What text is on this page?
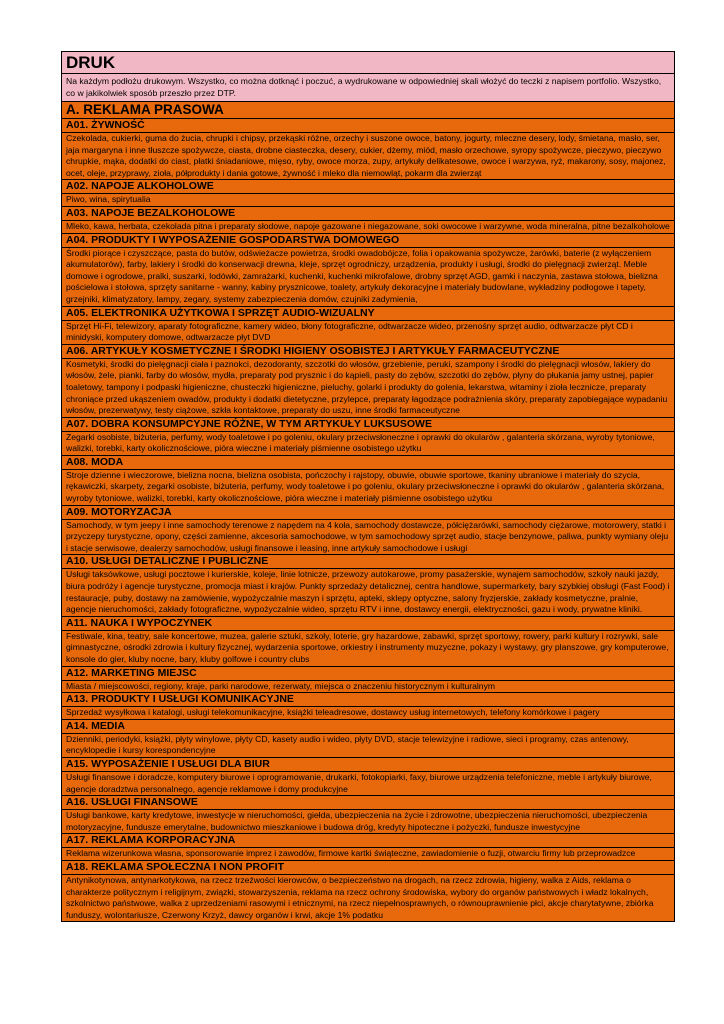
DRUK
Na każdym podłożu drukowym. Wszystko, co można dotknąć i poczuć, a wydrukowane w odpowiedniej skali włożyć do teczki z napisem portfolio. Wszystko, co w jakikolwiek sposób przeszło przez DTP.
A. REKLAMA PRASOWA
A01. ŻYWNOŚĆ
Czekolada, cukierki, guma do żucia, chrupki i chipsy, przekąski różne, orzechy i suszone owoce, batony, jogurty, mleczne desery, lody, śmietana, masło, ser, jaja margaryna i inne tłuszcze spożywcze, ciasta, drobne ciasteczka, desery, cukier, dżemy, miód, masło orzechowe, syropy spożywcze, pieczywo, pieczywo chrupkie, mąka, dodatki do ciast, płatki śniadaniowe, mięso, ryby, owoce morza, zupy, artykuły delikatesowe, owoce i warzywa, ryż, makarony, sosy, majonez, ocet, oleje, przyprawy, zioła, półprodukty i dania gotowe, żywność i mleko dla niemowląt, pokarm dla zwierząt
A02. NAPOJE ALKOHOLOWE
Piwo, wina, spirytualia
A03. NAPOJE BEZALKOHOLOWE
Mleko, kawa, herbata, czekolada pitna i preparaty słodowe, napoje gazowane i niegazowane, soki owocowe i warzywne, woda mineralna, pitne bezalkoholowe
A04. PRODUKTY I WYPOSAŻENIE GOSPODARSTWA DOMOWEGO
Środki piorące i czyszczące, pasta do butów, odświeżacze powietrza, środki owadobójcze, folia i opakowania spożywcze, żarówki, baterie (z wyłączeniem akumulatorów), farby, lakiery i środki do konserwacji drewna, kleje, sprzęt ogrodniczy, urządzenia, produkty i usługi, środki do pielęgnacji zwierząt. Meble domowe i ogrodowe, pralki, suszarki, lodówki, zamrażarki, kuchenki, kuchenki mikrofalowe, drobny sprzęt AGD, gamki i naczynia, zastawa stołowa, bielizna pościelowa i stołowa, sprzęty sanitarne - wanny, kabiny prysznicowe, toalety, artykuły dekoracyjne i materiały budowlane, wykładziny podłogowe i tapety, grzejniki, klimatyzatory, lampy, zegary, systemy zabezpieczenia domów, czujniki zadymienia,
A05. ELEKTRONIKA UŻYTKOWA I SPRZĘT AUDIO-WIZUALNY
Sprzęt Hi-Fi, telewizory, aparaty fotograficzne, kamery wideo, błony fotograficzne, odtwarzacze wideo, przenośny sprzęt audio, odtwarzacze płyt CD i minidyski, komputery domowe, odtwarzacze płyt DVD
A06. ARTYKUŁY KOSMETYCZNE I ŚRODKI HIGIENY OSOBISTEJ I ARTYKUŁY FARMACEUTYCZNE
Kosmetyki, środki do pielęgnacji ciała i paznokci, dezodoranty, szczotki do włosów, grzebienie, peruki, szampony i środki do pielęgnacji włosów, lakiery do włosów, żele, pianki, farby do włosów, mydła, preparaty pod prysznic i do kąpieli, pasty do zębów, szczotki do zębów, płyny do płukania jamy ustnej, papier toaletowy, tampony i podpaski higieniczne, chusteczki higieniczne, pieluchy, golarki i produkty do golenia, lekarstwa, witaminy i zioła lecznicze, preparaty chroniące przed ukąszeniem owadów, produkty i dodatki dietetyczne, przylepce, preparaty łagodzące podrażnienia skóry, preparaty zapobiegające wypadaniu włosów, prezerwatywy, testy ciążowe, szkła kontaktowe, preparaty do uszu, inne środki farmaceutyczne
A07. DOBRA KONSUMPCYJNE RÓŻNE, W TYM ARTYKUŁY LUKSUSOWE
Zegarki osobiste, biżuteria, perfumy, wody toaletowe i po goleniu, okulary przeciwsłoneczne i oprawki do okularów , galanteria skórzana, wyroby tytoniowe, walizki, torebki, karty okolicznościowe, pióra wieczne i materiały piśmienne osobistego użytku
A08. MODA
Stroje dzienne i wieczorowe, bielizna nocna, bielizna osobista, pończochy i rajstopy, obuwie, obuwie sportowe, tkaniny ubraniowe i materiały do szycia, rękawiczki, skarpety, zegarki osobiste, biżuteria, perfumy, wody toaletowe i po goleniu, okulary przeciwsłoneczne i oprawki do okularów , galanteria skórzana, wyroby tytoniowe, walizki, torebki, karty okolicznościowe, pióra wieczne i materiały piśmienne osobistego użytku
A09. MOTORYZACJA
Samochody, w tym jeepy i inne samochody terenowe z napędem na 4 koła, samochody dostawcze, półciężarówki, samochody ciężarowe, motorowery, statki i przyczepy turystyczne, opony, części zamienne, akcesoria samochodowe, w tym samochodowy sprzęt audio, stacje benzynowe, paliwa, punkty wymiany oleju i stacje serwisowe, dealerzy samochodów, usługi finansowe i leasing, inne artykuły samochodowe i usługi
A10. USŁUGI DETALICZNE I PUBLICZNE
Usługi taksówkowe, usługi pocztowe i kurierskie, koleje, linie lotnicze, przewozy autokarowe, promy pasażerskie, wynajem samochodów, szkoły nauki jazdy, biura podróży i agencje turystyczne, promocja miast i krajów. Punkty sprzedaży detalicznej, centra handlowe, supermarkety, bary szybkiej obsługi (Fast Food) i restauracje, puby, dostawy na zamówienie, wypożyczalnie maszyn i sprzętu, apteki, sklepy optyczne, salony fryzjerskie, zakłady kosmetyczne, pralnie, agencje nieruchomości, zakłady fotograficzne, wypożyczalnie wideo, sprzętu RTV i inne, dostawcy energii, elektryczności, gazu i wody, prywatne kliniki.
A11. NAUKA I WYPOCZYNEK
Festiwale, kina, teatry, sale koncertowe, muzea, galerie sztuki, szkoły, loterie, gry hazardowe, zabawki, sprzęt sportowy, rowery, parki kultury i rozrywki, sale gimnastyczne, ośrodki zdrowia i kultury fizycznej, wydarzenia sportowe, orkiestry i instrumenty muzyczne, pokazy i wystawy, gry planszowe, gry komputerowe, konsole do gier, kluby nocne, bary, kluby golfowe i country clubs
A12. MARKETING MIEJSC
Miasta / miejscowości, regiony, kraje, parki narodowe, rezerwaty, miejsca o znaczeniu historycznym i kulturalnym
A13. PRODUKTY I USŁUGI KOMUNIKACYJNE
Sprzedaż wysyłkowa i katalogi, usługi telekomunikacyjne, książki teleadresowe, dostawcy usług internetowych, telefony komórkowe i pagery
A14. MEDIA
Dzienniki, periodyki, książki, płyty winylowe, płyty CD, kasety audio i wideo, płyty DVD, stacje telewizyjne i radiowe, sieci i programy, czas antenowy, encyklopedie i kursy korespondencyjne
A15. WYPOSAŻENIE I USŁUGI DLA BIUR
Usługi finansowe i doradcze, komputery biurowe i oprogramowanie, drukarki, fotokopiarki, faxy, biurowe urządzenia telefoniczne, meble i artykuły biurowe, agencje doradztwa personalnego, agencje reklamowe i domy produkcyjne
A16. USŁUGI FINANSOWE
Usługi bankowe, karty kredytowe, inwestycje w nieruchomości, giełda, ubezpieczenia na życie i zdrowotne, ubezpieczenia nieruchomości, ubezpieczenia motoryzacyjne, fundusze emerytalne, budownictwo mieszkaniowe i budowa dróg, kredyty hipoteczne i pożyczki, fundusze inwestycyjne
A17. REKLAMA KORPORACYJNA
Reklama wizerunkowa własna, sponsorowanie imprez i zawodów, firmowe kartki świąteczne, zawiadomienie o fuzji, otwarciu firmy lub przeprowadzce
A18. REKLAMA SPOŁECZNA I NON PROFIT
Antynikotynowa, antynarkotykowa, na rzecz trzeźwości kierowców, o bezpieczeństwo na drogach, na rzecz zdrowia, higieny, walka z Aids, reklama o charakterze politycznym i religijnym, związki, stowarzyszenia, reklama na rzecz ochrony środowiska, wybory do organów państwowych i władz lokalnych, szkolnictwo państwowe, walka z uprzedzeniami rasowymi i etnicznymi, na rzecz niepełnosprawnych, o równouprawnienie płci, akcje charytatywne, zbiórka funduszy, wolontariusze, Czerwony Krzyż, dawcy organów i krwi, akcje 1% podatku
